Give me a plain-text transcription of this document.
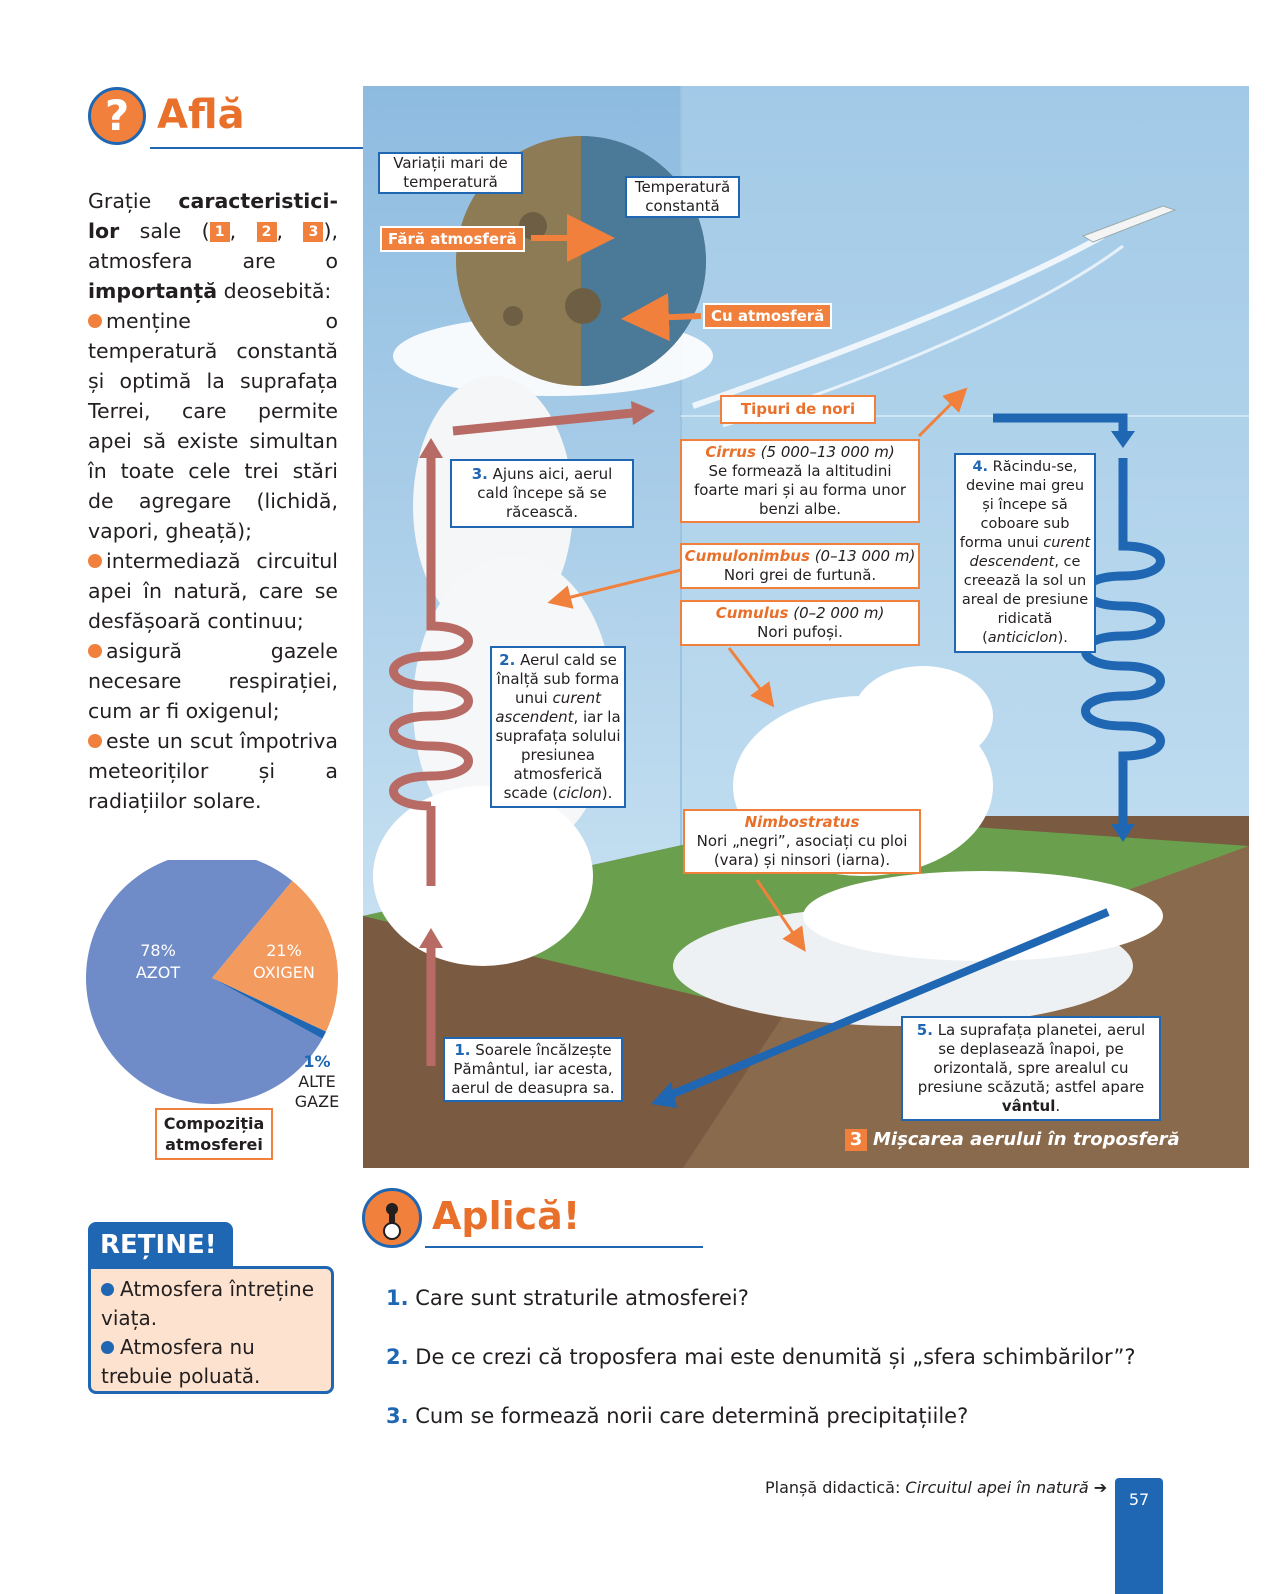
? Află

Grație caracteristicilor sale ( 1 , 2 , 3 ), atmosfera are o importanță deosebită:

menține o temperatură constantă și optimă la suprafața Terrei, care permite apei să existe simultan în toate cele trei stări de agregare (lichidă, vapori, gheață);

intermediază circuitul apei în natură, care se desfășoară continuu;

asigură gazele necesare respirației, cum ar fi oxigenul;

este un scut împotriva meteoriților și a radiațiilor solare.

78%
AZOT
21%
OXIGEN
1%
ALTE GAZE
Compoziția atmosferei
REȚINE!
Atmosfera întreține viața.
Atmosfera nu trebuie poluată.
Variații mari de temperatură	Temperatură constantă
Fără atmosferă
Cu atmosferă
Tipuri de nori
Cirrus (5 000–13 000 m)
Se formează la altitudini foarte mari și au forma unor benzi albe.
Cumulonimbus (0–13 000 m)
Nori grei de furtună.
Cumulus (0–2 000 m)
Nori pufoși.
Nimbostratus
Nori „negri”, asociați cu ploi (vara) și ninsori (iarna).
1. Soarele încălzește Pământul, iar acesta, aerul de deasupra sa.
2. Aerul cald se înalță sub forma unui curent ascendent, iar la suprafața solului presiunea atmosferică scade (ciclon).
3. Ajuns aici, aerul cald începe să se răcească.
4. Răcindu-se, devine mai greu și începe să coboare sub forma unui curent descendent, ce creează la sol un areal de presiune ridicată (anticiclon).
5. La suprafața planetei, aerul se deplasează înapoi, pe orizontală, spre arealul cu presiune scăzută; astfel apare vântul.
3 Mișcarea aerului în troposferă
Aplică!
1. Care sunt straturile atmosferei?
2. De ce crezi că troposfera mai este denumită și „sfera schimbărilor”?
3. Cum se formează norii care determină precipitațiile?
Planșă didactică: Circuitul apei în natură ➔
57
